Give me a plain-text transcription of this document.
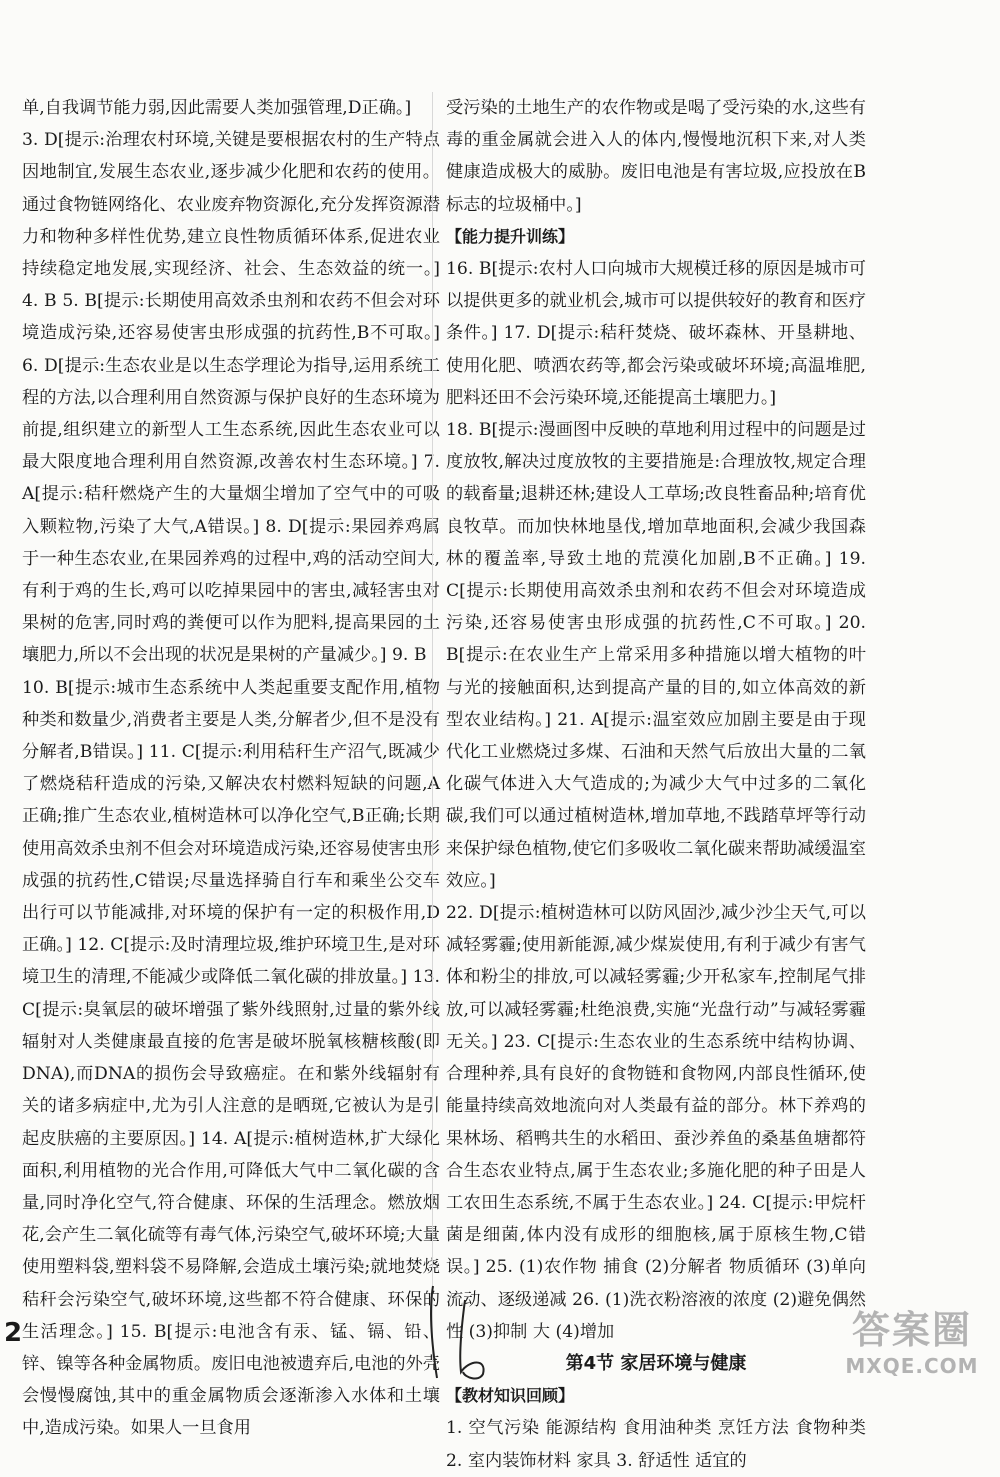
单,自我调节能力弱,因此需要人类加强管理,D正确。]

3. D[提示:治理农村环境,关键是要根据农村的生产特点因地制宜,发展生态农业,逐步减少化肥和农药的使用。通过食物链网络化、农业废弃物资源化,充分发挥资源潜力和物种多样性优势,建立良性物质循环体系,促进农业持续稳定地发展,实现经济、社会、生态效益的统一。] 4. B 5. B[提示:长期使用高效杀虫剂和农药不但会对环境造成污染,还容易使害虫形成强的抗药性,B不可取。] 6. D[提示:生态农业是以生态学理论为指导,运用系统工程的方法,以合理利用自然资源与保护良好的生态环境为前提,组织建立的新型人工生态系统,因此生态农业可以最大限度地合理利用自然资源,改善农村生态环境。] 7. A[提示:秸秆燃烧产生的大量烟尘增加了空气中的可吸入颗粒物,污染了大气,A错误。] 8. D[提示:果园养鸡属于一种生态农业,在果园养鸡的过程中,鸡的活动空间大,有利于鸡的生长,鸡可以吃掉果园中的害虫,减轻害虫对果树的危害,同时鸡的粪便可以作为肥料,提高果园的土壤肥力,所以不会出现的状况是果树的产量减少。] 9. B

10. B[提示:城市生态系统中人类起重要支配作用,植物种类和数量少,消费者主要是人类,分解者少,但不是没有分解者,B错误。] 11. C[提示:利用秸秆生产沼气,既减少了燃烧秸秆造成的污染,又解决农村燃料短缺的问题,A正确;推广生态农业,植树造林可以净化空气,B正确;长期使用高效杀虫剂不但会对环境造成污染,还容易使害虫形成强的抗药性,C错误;尽量选择骑自行车和乘坐公交车出行可以节能减排,对环境的保护有一定的积极作用,D正确。] 12. C[提示:及时清理垃圾,维护环境卫生,是对环境卫生的清理,不能减少或降低二氧化碳的排放量。] 13. C[提示:臭氧层的破坏增强了紫外线照射,过量的紫外线辐射对人类健康最直接的危害是破坏脱氧核糖核酸(即DNA),而DNA的损伤会导致癌症。在和紫外线辐射有关的诸多病症中,尤为引人注意的是晒斑,它被认为是引起皮肤癌的主要原因。] 14. A[提示:植树造林,扩大绿化面积,利用植物的光合作用,可降低大气中二氧化碳的含量,同时净化空气,符合健康、环保的生活理念。燃放烟花,会产生二氧化硫等有毒气体,污染空气,破坏环境;大量使用塑料袋,塑料袋不易降解,会造成土壤污染;就地焚烧秸秆会污染空气,破坏环境,这些都不符合健康、环保的生活理念。] 15. B[提示:电池含有汞、锰、镉、铅、锌、镍等各种金属物质。废旧电池被遗弃后,电池的外壳会慢慢腐蚀,其中的重金属物质会逐渐渗入水体和土壤中,造成污染。如果人一旦食用

受污染的土地生产的农作物或是喝了受污染的水,这些有毒的重金属就会进入人的体内,慢慢地沉积下来,对人类健康造成极大的威胁。废旧电池是有害垃圾,应投放在B标志的垃圾桶中。]

【能力提升训练】

16. B[提示:农村人口向城市大规模迁移的原因是城市可以提供更多的就业机会,城市可以提供较好的教育和医疗条件。] 17. D[提示:秸秆焚烧、破坏森林、开垦耕地、使用化肥、喷洒农药等,都会污染或破坏环境;高温堆肥,肥料还田不会污染环境,还能提高土壤肥力。]

18. B[提示:漫画图中反映的草地利用过程中的问题是过度放牧,解决过度放牧的主要措施是:合理放牧,规定合理的载畜量;退耕还林;建设人工草场;改良牲畜品种;培育优良牧草。而加快林地垦伐,增加草地面积,会减少我国森林的覆盖率,导致土地的荒漠化加剧,B不正确。] 19. C[提示:长期使用高效杀虫剂和农药不但会对环境造成污染,还容易使害虫形成强的抗药性,C不可取。] 20. B[提示:在农业生产上常采用多种措施以增大植物的叶与光的接触面积,达到提高产量的目的,如立体高效的新型农业结构。] 21. A[提示:温室效应加剧主要是由于现代化工业燃烧过多煤、石油和天然气后放出大量的二氧化碳气体进入大气造成的;为减少大气中过多的二氧化碳,我们可以通过植树造林,增加草地,不践踏草坪等行动来保护绿色植物,使它们多吸收二氧化碳来帮助减缓温室效应。]

22. D[提示:植树造林可以防风固沙,减少沙尘天气,可以减轻雾霾;使用新能源,减少煤炭使用,有利于减少有害气体和粉尘的排放,可以减轻雾霾;少开私家车,控制尾气排放,可以减轻雾霾;杜绝浪费,实施“光盘行动”与减轻雾霾无关。] 23. C[提示:生态农业的生态系统中结构协调、合理种养,具有良好的食物链和食物网,内部良性循环,使能量持续高效地流向对人类最有益的部分。林下养鸡的果林场、稻鸭共生的水稻田、蚕沙养鱼的桑基鱼塘都符合生态农业特点,属于生态农业;多施化肥的种子田是人工农田生态系统,不属于生态农业。] 24. C[提示:甲烷杆菌是细菌,体内没有成形的细胞核,属于原核生物,C错误。] 25. (1)农作物 捕食 (2)分解者 物质循环 (3)单向流动、逐级递减 26. (1)洗衣粉溶液的浓度 (2)避免偶然性 (3)抑制 大 (4)增加

第4节 家居环境与健康

【教材知识回顾】

1. 空气污染 能源结构 食用油种类 烹饪方法 食物种类 2. 室内装饰材料 家具 3. 舒适性 适宜的

2	答案圈
MXQE.COM
